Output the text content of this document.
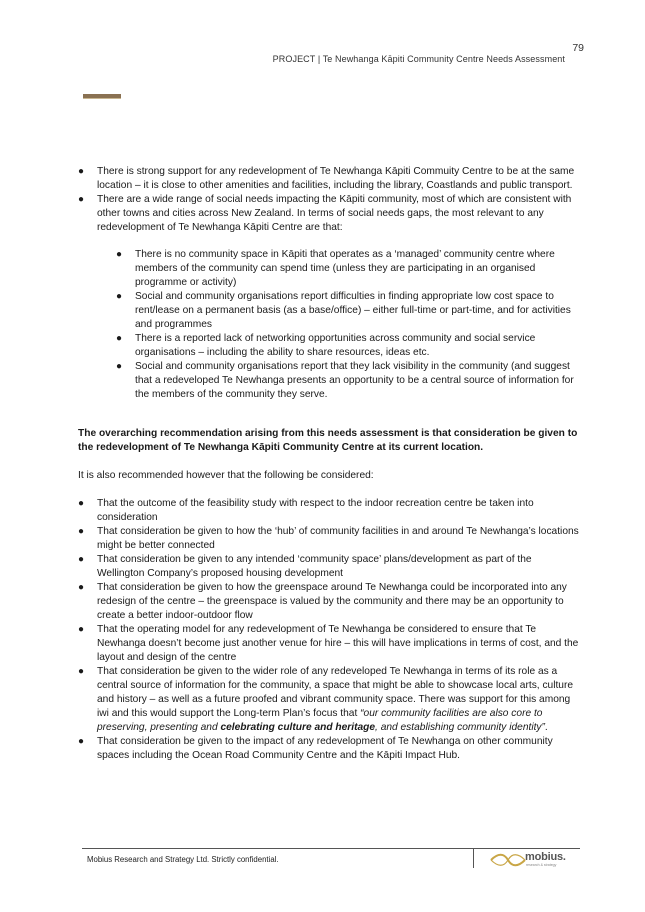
79
PROJECT | Te Newhanga Kāpiti Community Centre Needs Assessment
● There is strong support for any redevelopment of Te Newhanga Kāpiti Commuity Centre to be at the same location – it is close to other amenities and facilities, including the library, Coastlands and public transport.
● There are a wide range of social needs impacting the Kāpiti community, most of which are consistent with other towns and cities across New Zealand. In terms of social needs gaps, the most relevant to any redevelopment of Te Newhanga Kāpiti Centre are that:
● There is no community space in Kāpiti that operates as a ‘managed’ community centre where members of the community can spend time (unless they are participating in an organised programme or activity)
● Social and community organisations report difficulties in finding appropriate low cost space to rent/lease on a permanent basis (as a base/office) – either full-time or part-time, and for activities and programmes
● There is a reported lack of networking opportunities across community and social service organisations – including the ability to share resources, ideas etc.
● Social and community organisations report that they lack visibility in the community (and suggest that a redeveloped Te Newhanga presents an opportunity to be a central source of information for the members of the community they serve.
The overarching recommendation arising from this needs assessment is that consideration be given to the redevelopment of Te Newhanga Kāpiti Community Centre at its current location.
It is also recommended however that the following be considered:
● That the outcome of the feasibility study with respect to the indoor recreation centre be taken into consideration
● That consideration be given to how the ‘hub’ of community facilities in and around Te Newhanga’s locations might be better connected
● That consideration be given to any intended ‘community space’ plans/development as part of the Wellington Company’s proposed housing development
● That consideration be given to how the greenspace around Te Newhanga could be incorporated into any redesign of the centre – the greenspace is valued by the community and there may be an opportunity to create a better indoor-outdoor flow
● That the operating model for any redevelopment of Te Newhanga be considered to ensure that Te Newhanga doesn’t become just another venue for hire – this will have implications in terms of cost, and the layout and design of the centre
● That consideration be given to the wider role of any redeveloped Te Newhanga in terms of its role as a central source of information for the community, a space that might be able to showcase local arts, culture and history – as well as a future proofed and vibrant community space. There was support for this among iwi and this would support the Long-term Plan’s focus that “our community facilities are also core to preserving, presenting and celebrating culture and heritage, and establishing community identity”.
● That consideration be given to the impact of any redevelopment of Te Newhanga on other community spaces including the Ocean Road Community Centre and the Kāpiti Impact Hub.
Mobius Research and Strategy Ltd. Strictly confidential.	mobius.
research & strategy
